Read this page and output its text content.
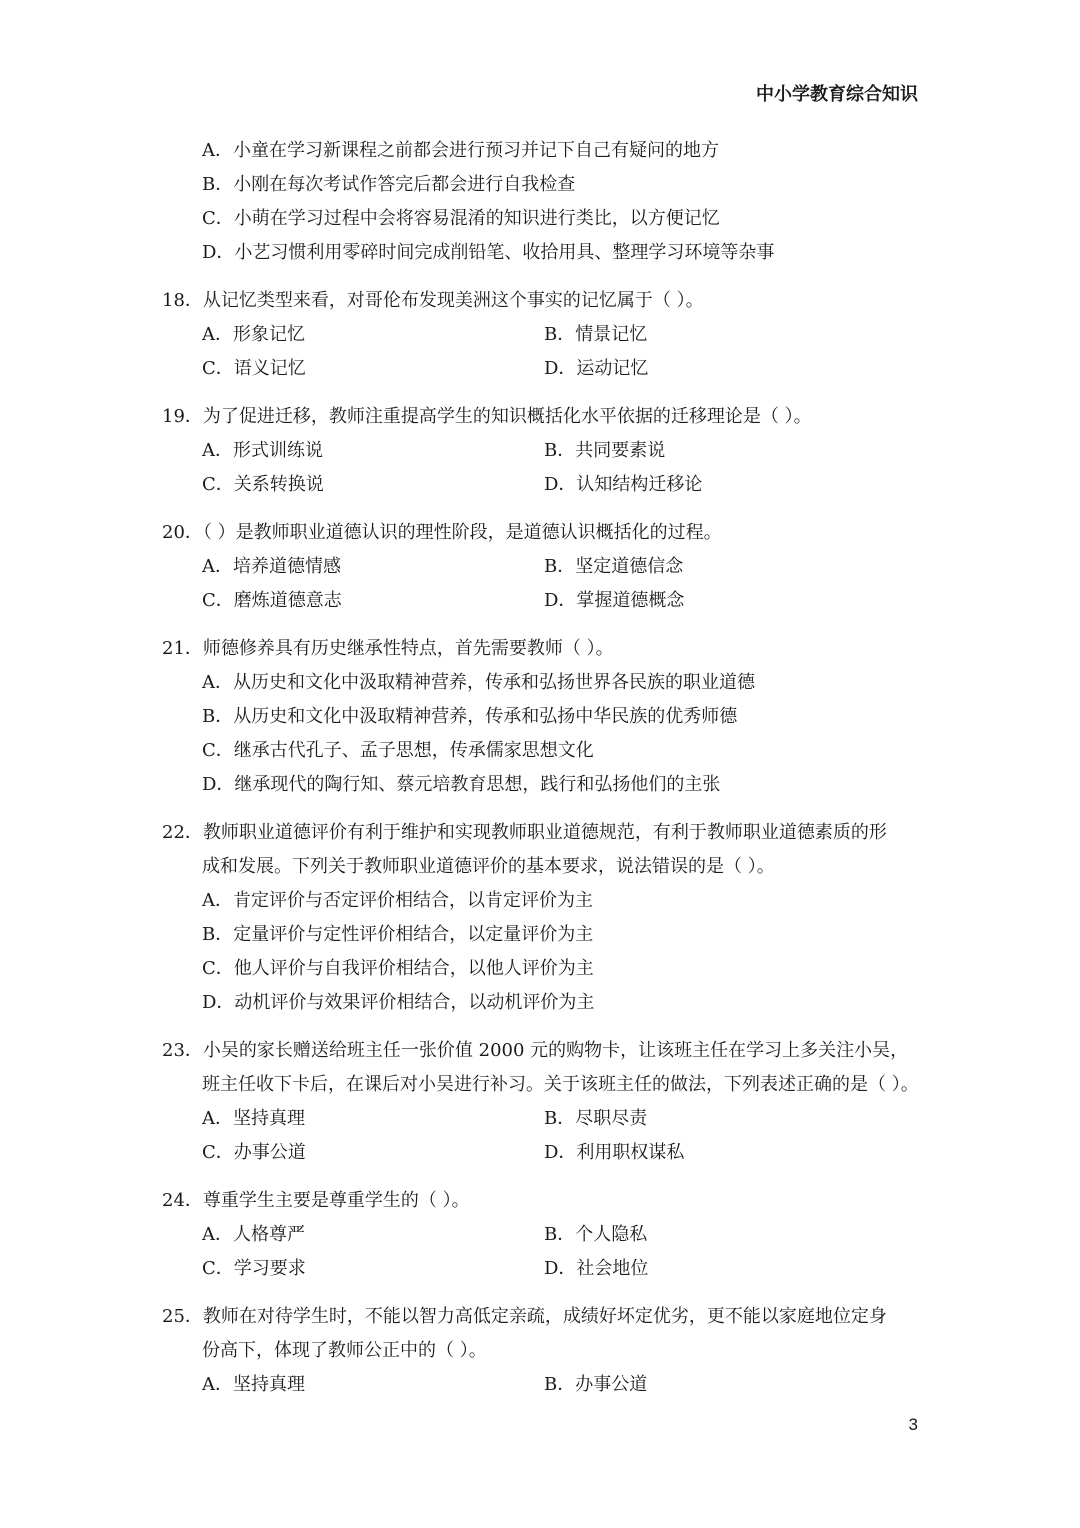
中小学教育综合知识
A．小童在学习新课程之前都会进行预习并记下自己有疑问的地方
B．小刚在每次考试作答完后都会进行自我检查
C．小萌在学习过程中会将容易混淆的知识进行类比，以方便记忆
D．小艺习惯利用零碎时间完成削铅笔、收拾用具、整理学习环境等杂事
18．从记忆类型来看，对哥伦布发现美洲这个事实的记忆属于（ ）。
A．形象记忆	B．情景记忆
C．语义记忆	D．运动记忆
19．为了促进迁移，教师注重提高学生的知识概括化水平依据的迁移理论是（ ）。
A．形式训练说	B．共同要素说
C．关系转换说	D．认知结构迁移论
20．（ ）是教师职业道德认识的理性阶段，是道德认识概括化的过程。
A．培养道德情感	B．坚定道德信念
C．磨炼道德意志	D．掌握道德概念
21．师德修养具有历史继承性特点，首先需要教师（ ）。
A．从历史和文化中汲取精神营养，传承和弘扬世界各民族的职业道德
B．从历史和文化中汲取精神营养，传承和弘扬中华民族的优秀师德
C．继承古代孔子、孟子思想，传承儒家思想文化
D．继承现代的陶行知、蔡元培教育思想，践行和弘扬他们的主张
22．教师职业道德评价有利于维护和实现教师职业道德规范，有利于教师职业道德素质的形
成和发展。下列关于教师职业道德评价的基本要求，说法错误的是（ ）。
A．肯定评价与否定评价相结合，以肯定评价为主
B．定量评价与定性评价相结合，以定量评价为主
C．他人评价与自我评价相结合，以他人评价为主
D．动机评价与效果评价相结合，以动机评价为主
23．小吴的家长赠送给班主任一张价值 2000 元的购物卡，让该班主任在学习上多关注小吴，
班主任收下卡后，在课后对小吴进行补习。关于该班主任的做法，下列表述正确的是（ ）。
A．坚持真理	B．尽职尽责
C．办事公道	D．利用职权谋私
24．尊重学生主要是尊重学生的（ ）。
A．人格尊严	B．个人隐私
C．学习要求	D．社会地位
25．教师在对待学生时，不能以智力高低定亲疏，成绩好坏定优劣，更不能以家庭地位定身
份高下，体现了教师公正中的（ ）。
A．坚持真理	B．办事公道
3
